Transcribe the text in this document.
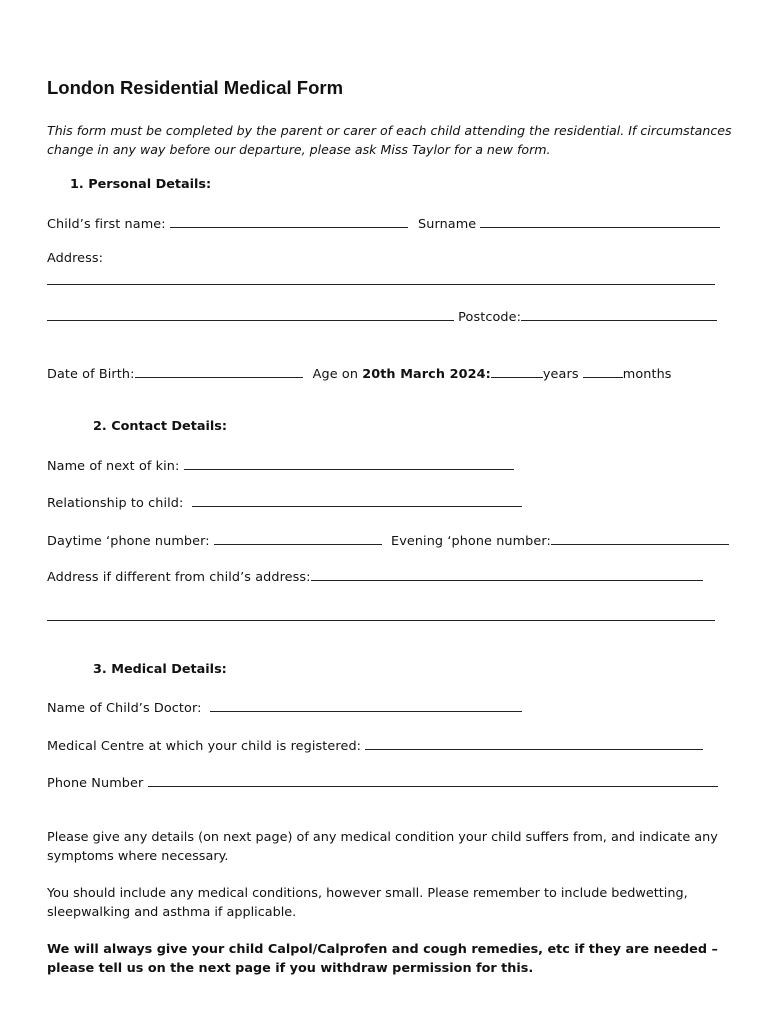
London Residential Medical Form
This form must be completed by the parent or carer of each child attending the residential. If circumstances change in any way before our departure, please ask Miss Taylor for a new form.
1. Personal Details:
Child’s first name:	Surname
Address:
Postcode:
Date of Birth:	Age on 20th March 2024:	years	months
2. Contact Details:
Name of next of kin:
Relationship to child:
Daytime ‘phone number:	Evening ‘phone number:
Address if different from child’s address:
3. Medical Details:
Name of Child’s Doctor:
Medical Centre at which your child is registered:
Phone Number
Please give any details (on next page) of any medical condition your child suffers from, and indicate any symptoms where necessary.
You should include any medical conditions, however small. Please remember to include bedwetting, sleepwalking and asthma if applicable.
We will always give your child Calpol/Calprofen and cough remedies, etc if they are needed – please tell us on the next page if you withdraw permission for this.
